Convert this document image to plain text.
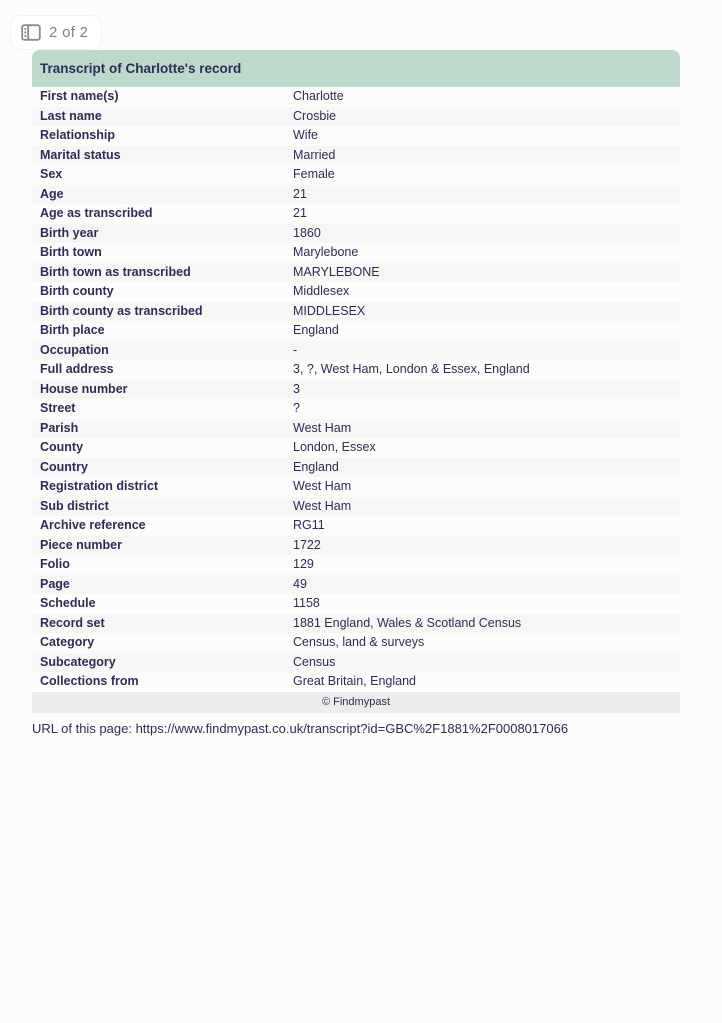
2 of 2
Transcript of Charlotte's record
First name(s)	Charlotte
Last name	Crosbie
Relationship	Wife
Marital status	Married
Sex	Female
Age	21
Age as transcribed	21
Birth year	1860
Birth town	Marylebone
Birth town as transcribed	MARYLEBONE
Birth county	Middlesex
Birth county as transcribed	MIDDLESEX
Birth place	England
Occupation	-
Full address	3, ?, West Ham, London & Essex, England
House number	3
Street	?
Parish	West Ham
County	London, Essex
Country	England
Registration district	West Ham
Sub district	West Ham
Archive reference	RG11
Piece number	1722
Folio	129
Page	49
Schedule	1158
Record set	1881 England, Wales & Scotland Census
Category	Census, land & surveys
Subcategory	Census
Collections from	Great Britain, England
© Findmypast
URL of this page: https://www.findmypast.co.uk/transcript?id=GBC%2F1881%2F0008017066
